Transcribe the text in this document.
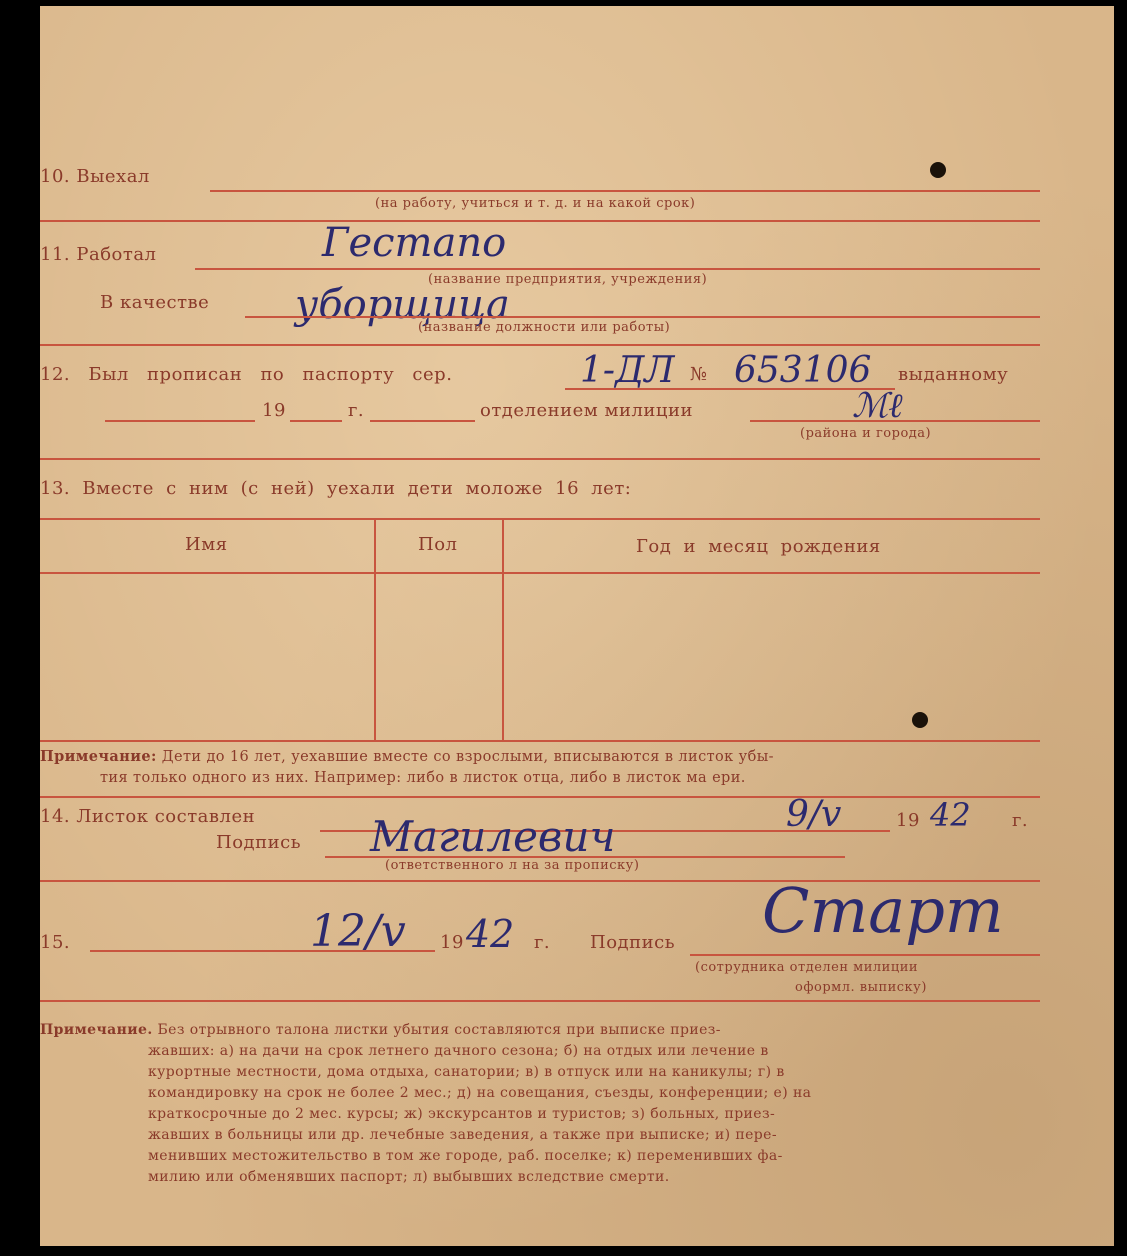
10. Выехал
(на работу, учиться и т. д. и на какой срок)
11. Работал	Гестапо
(название предприятия, учреждения)
В качестве уборщица
(название должности или работы)
12. Был прописан по паспорту сер.	1-ДЛ № 653106 выданному
19	г.	отделением милиции	ℳℓ
(района и города)
13. Вместе с ним (с ней) уехали дети моложе 16 лет:
Имя	Пол	Год и месяц рождения
Примечание: Дети до 16 лет, уехавшие вместе со взрослыми, вписываются в листок убы-
тия только одного из них. Например: либо в листок отца, либо в листок ма ери.
14. Листок составлен	9/v	19 42 г.
Подпись Магилевич
(ответственного л на за прописку)
15.	12/v 19 42 г. Подпись Старт
(сотрудника отделен милиции
оформл. выписку)
Примечание. Без отрывного талона листки убытия составляются при выписке приез-

жавших: а) на дачи на срок летнего дачного сезона; б) на отдых или лечение в
курортные местности, дома отдыха, санатории; в) в отпуск или на каникулы; г) в
командировку на срок не более 2 мес.; д) на совещания, съезды, конференции; е) на
краткосрочные до 2 мес. курсы; ж) экскурсантов и туристов; з) больных, приез-
жавших в больницы или др. лечебные заведения, а также при выписке; и) пере-
менивших местожительство в том же городе, раб. поселке; к) переменивших фа-
милию или обменявших паспорт; л) выбывших вследствие смерти.
